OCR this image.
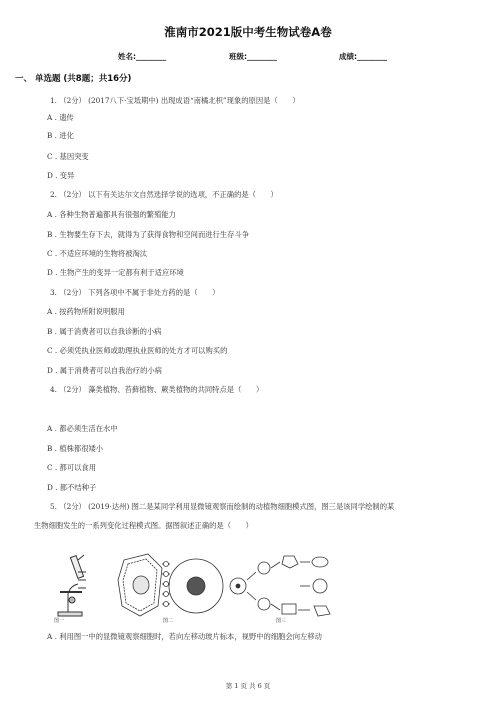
淮南市2021版中考生物试卷A卷
姓名:________	班级:________	成绩:________
一、 单选题 (共8题；共16分)
1. （2分） (2017八下·宝坻期中) 出现成语“南橘北枳”现象的原因是（　　）
A . 遗传
B . 进化
C . 基因突变
D . 变异
2. （2分） 以下有关达尔文自然选择学说的选项，不正确的是（　　）
A . 各种生物普遍都具有很强的繁殖能力
B . 生物要生存下去，就得为了获得食物和空间而进行生存斗争
C . 不适应环境的生物将被淘汰
D . 生物产生的变异一定都有利于适应环境
3. （2分） 下列各项中不属于非处方药的是（　　）
A . 按药物所附说明服用
B . 属于消费者可以自我诊断的小病
C . 必须凭执业医师或助理执业医师的处方才可以购买的
D . 属于消费者可以自我治疗的小病
4. （2分） 藻类植物、苔藓植物、蕨类植物的共同特点是（　　）
A . 都必须生活在水中
B . 植株都很矮小
C . 都可以食用
D . 都不结种子
5. （2分） (2019·达州) 图二是某同学利用显微镜观察而绘制的动植物细胞模式图，图三是该同学绘制的某
生物细胞发生的一系列变化过程模式图。据图叙述正确的是（　　）
图一	图二	图三
A . 利用图一中的显微镜观察细胞时，若向左移动玻片标本，视野中的细胞会向左移动
第 1 页 共 6 页
